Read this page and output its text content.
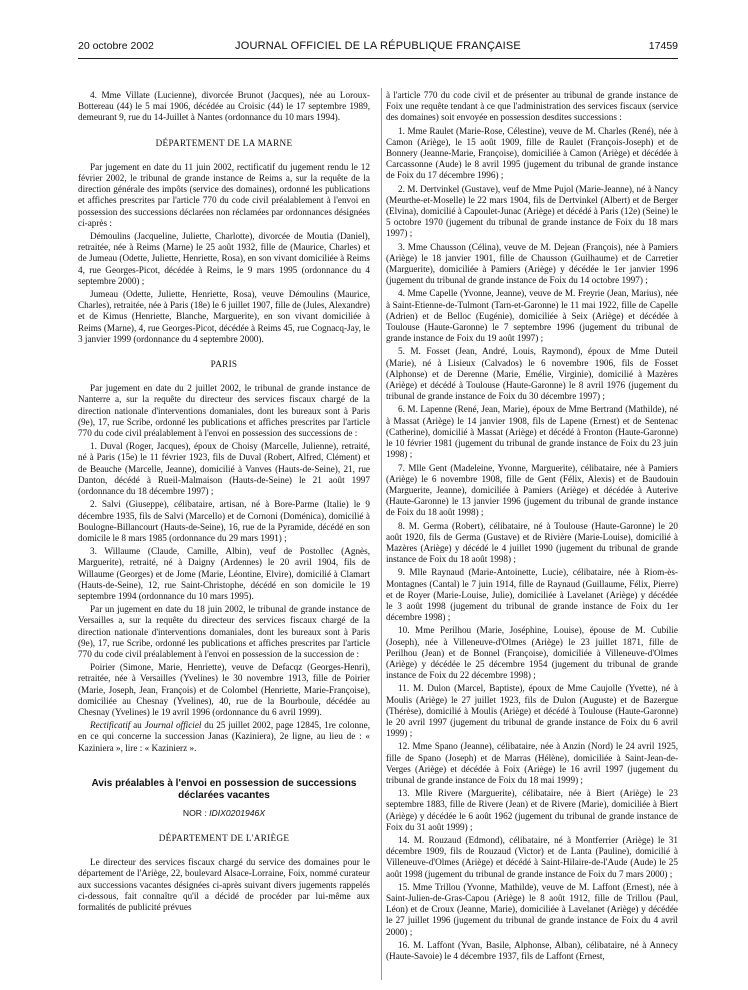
20 octobre 2002	JOURNAL OFFICIEL DE LA RÉPUBLIQUE FRANÇAISE	17459

4. Mme Villate (Lucienne), divorcée Brunot (Jacques), née au Loroux-Bottereau (44) le 5 mai 1906, décédée au Croisic (44) le 17 septembre 1989, demeurant 9, rue du 14-Juillet à Nantes (ordonnance du 10 mars 1994).

DÉPARTEMENT DE LA MARNE

Par jugement en date du 11 juin 2002, rectificatif du jugement rendu le 12 février 2002, le tribunal de grande instance de Reims a, sur la requête de la direction générale des impôts (service des domaines), ordonné les publications et affiches prescrites par l'article 770 du code civil préalablement à l'envoi en possession des successions déclarées non réclamées par ordonnances désignées ci-après :

Démoulins (Jacqueline, Juliette, Charlotte), divorcée de Moutia (Daniel), retraitée, née à Reims (Marne) le 25 août 1932, fille de (Maurice, Charles) et de Jumeau (Odette, Juliette, Henriette, Rosa), en son vivant domiciliée à Reims 4, rue Georges-Picot, décédée à Reims, le 9 mars 1995 (ordonnance du 4 septembre 2000) ;

Jumeau (Odette, Juliette, Henriette, Rosa), veuve Démoulins (Maurice, Charles), retraitée, née à Paris (18e) le 6 juillet 1907, fille de (Jules, Alexandre) et de Kimus (Henriette, Blanche, Marguerite), en son vivant domiciliée à Reims (Marne), 4, rue Georges-Picot, décédée à Reims 45, rue Cognacq-Jay, le 3 janvier 1999 (ordonnance du 4 septembre 2000).

PARIS

Par jugement en date du 2 juillet 2002, le tribunal de grande instance de Nanterre a, sur la requête du directeur des services fiscaux chargé de la direction nationale d'interventions domaniales, dont les bureaux sont à Paris (9e), 17, rue Scribe, ordonné les publications et affiches prescrites par l'article 770 du code civil préalablement à l'envoi en possession des successions de :

1. Duval (Roger, Jacques), époux de Choisy (Marcelle, Julienne), retraité, né à Paris (15e) le 11 février 1923, fils de Duval (Robert, Alfred, Clément) et de Beauche (Marcelle, Jeanne), domicilié à Vanves (Hauts-de-Seine), 21, rue Danton, décédé à Rueil-Malmaison (Hauts-de-Seine) le 21 août 1997 (ordonnance du 18 décembre 1997) ;

2. Salvi (Giuseppe), célibataire, artisan, né à Bore-Parme (Italie) le 9 décembre 1935, fils de Salvi (Marcello) et de Cornoni (Doménica), domicilié à Boulogne-Billancourt (Hauts-de-Seine), 16, rue de la Pyramide, décédé en son domicile le 8 mars 1985 (ordonnance du 29 mars 1991) ;

3. Willaume (Claude, Camille, Albin), veuf de Postollec (Agnès, Marguerite), retraité, né à Daigny (Ardennes) le 20 avril 1904, fils de Willaume (Georges) et de Jome (Marie, Léontine, Elvire), domicilié à Clamart (Hauts-de-Seine), 12, rue Saint-Christophe, décédé en son domicile le 19 septembre 1994 (ordonnance du 10 mars 1995).

Par un jugement en date du 18 juin 2002, le tribunal de grande instance de Versailles a, sur la requête du directeur des services fiscaux chargé de la direction nationale d'interventions domaniales, dont les bureaux sont à Paris (9e), 17, rue Scribe, ordonné les publications et affiches prescrites par l'article 770 du code civil préalablement à l'envoi en possession de la succession de :

Poirier (Simone, Marie, Henriette), veuve de Defacqz (Georges-Henri), retraitée, née à Versailles (Yvelines) le 30 novembre 1913, fille de Poirier (Marie, Joseph, Jean, François) et de Colombel (Henriette, Marie-Françoise), domiciliée au Chesnay (Yvelines), 40, rue de la Bourboule, décédée au Chesnay (Yvelines) le 19 avril 1996 (ordonnance du 6 avril 1999).

Rectificatif au Journal officiel du 25 juillet 2002, page 12845, 1re colonne, en ce qui concerne la succession Janas (Kaziniera), 2e ligne, au lieu de : « Kaziniera », lire : « Kazinierz ».

Avis préalables à l'envoi en possession de successions déclarées vacantes
NOR : IDIX0201946X
DÉPARTEMENT DE L'ARIÈGE

Le directeur des services fiscaux chargé du service des domaines pour le département de l'Ariège, 22, boulevard Alsace-Lorraine, Foix, nommé curateur aux successions vacantes désignées ci-après suivant divers jugements rappelés ci-dessous, fait connaître qu'il a décidé de procéder par lui-même aux formalités de publicité prévues

à l'article 770 du code civil et de présenter au tribunal de grande instance de Foix une requête tendant à ce que l'administration des services fiscaux (service des domaines) soit envoyée en possession desdites successions :

1. Mme Raulet (Marie-Rose, Célestine), veuve de M. Charles (René), née à Camon (Ariège), le 15 août 1909, fille de Raulet (François-Joseph) et de Bonnery (Jeanne-Marie, Françoise), domiciliée à Camon (Ariège) et décédée à Carcassonne (Aude) le 8 avril 1995 (jugement du tribunal de grande instance de Foix du 17 décembre 1996) ;

2. M. Dertvinkel (Gustave), veuf de Mme Pujol (Marie-Jeanne), né à Nancy (Meurthe-et-Moselle) le 22 mars 1904, fils de Dertvinkel (Albert) et de Berger (Elvina), domicilié à Capoulet-Junac (Ariège) et décédé à Paris (12e) (Seine) le 5 octobre 1970 (jugement du tribunal de grande instance de Foix du 18 mars 1997) ;

3. Mme Chausson (Célina), veuve de M. Dejean (François), née à Pamiers (Ariège) le 18 janvier 1901, fille de Chausson (Guilhaume) et de Carretier (Marguerite), domiciliée à Pamiers (Ariège) y décédée le 1er janvier 1996 (jugement du tribunal de grande instance de Foix du 14 octobre 1997) ;

4. Mme Capelle (Yvonne, Jeanne), veuve de M. Freyrie (Jean, Marius), née à Saint-Etienne-de-Tulmont (Tarn-et-Garonne) le 11 mai 1922, fille de Capelle (Adrien) et de Belloc (Eugénie), domiciliée à Seix (Ariège) et décédée à Toulouse (Haute-Garonne) le 7 septembre 1996 (jugement du tribunal de grande instance de Foix du 19 août 1997) ;

5. M. Fosset (Jean, André, Louis, Raymond), époux de Mme Duteil (Marie), né à Lisieux (Calvados) le 6 novembre 1906, fils de Fosset (Alphonse) et de Derenne (Marie, Emélie, Virginie), domicilié à Mazères (Ariège) et décédé à Toulouse (Haute-Garonne) le 8 avril 1976 (jugement du tribunal de grande instance de Foix du 30 décembre 1997) ;

6. M. Lapenne (René, Jean, Marie), époux de Mme Bertrand (Mathilde), né à Massat (Ariège) le 14 janvier 1908, fils de Lapene (Ernest) et de Sentenac (Catherine), domicilié à Massat (Ariège) et décédé à Fronton (Haute-Garonne) le 10 février 1981 (jugement du tribunal de grande instance de Foix du 23 juin 1998) ;

7. Mlle Gent (Madeleine, Yvonne, Marguerite), célibataire, née à Pamiers (Ariège) le 6 novembre 1908, fille de Gent (Félix, Alexis) et de Baudouin (Marguerite, Jeanne), domiciliée à Pamiers (Ariège) et décédée à Auterive (Haute-Garonne) le 13 janvier 1996 (jugement du tribunal de grande instance de Foix du 18 août 1998) ;

8. M. Germa (Robert), célibataire, né à Toulouse (Haute-Garonne) le 20 août 1920, fils de Germa (Gustave) et de Rivière (Marie-Louise), domicilié à Mazères (Ariège) y décédé le 4 juillet 1990 (jugement du tribunal de grande instance de Foix du 18 août 1998) ;

9. Mlle Raynaud (Marie-Antoinette, Lucie), célibataire, née à Riom-ès-Montagnes (Cantal) le 7 juin 1914, fille de Raynaud (Guillaume, Félix, Pierre) et de Royer (Marie-Louise, Julie), domiciliée à Lavelanet (Ariège) y décédée le 3 août 1998 (jugement du tribunal de grande instance de Foix du 1er décembre 1998) ;

10. Mme Perilhou (Marie, Joséphine, Louise), épouse de M. Cubilie (Joseph), née à Villeneuve-d'Olmes (Ariège) le 23 juillet 1871, fille de Perilhou (Jean) et de Bonnel (Françoise), domiciliée à Villeneuve-d'Olmes (Ariège) y décédée le 25 décembre 1954 (jugement du tribunal de grande instance de Foix du 22 décembre 1998) ;

11. M. Dulon (Marcel, Baptiste), époux de Mme Caujolle (Yvette), né à Moulis (Ariège) le 27 juillet 1923, fils de Dulon (Auguste) et de Bazergue (Thérèse), domicilié à Moulis (Ariège) et décédé à Toulouse (Haute-Garonne) le 20 avril 1997 (jugement du tribunal de grande instance de Foix du 6 avril 1999) ;

12. Mme Spano (Jeanne), célibataire, née à Anzin (Nord) le 24 avril 1925, fille de Spano (Joseph) et de Marras (Hélène), domiciliée à Saint-Jean-de-Verges (Ariège) et décédée à Foix (Ariège) le 16 avril 1997 (jugement du tribunal de grande instance de Foix du 18 mai 1999) ;

13. Mlle Rivere (Marguerite), célibataire, née à Biert (Ariège) le 23 septembre 1883, fille de Rivere (Jean) et de Rivere (Marie), domiciliée à Biert (Ariège) y décédée le 6 août 1962 (jugement du tribunal de grande instance de Foix du 31 août 1999) ;

14. M. Rouzaud (Edmond), célibataire, né à Montferrier (Ariège) le 31 décembre 1909, fils de Rouzaud (Victor) et de Lanta (Pauline), domicilié à Villeneuve-d'Olmes (Ariège) et décédé à Saint-Hilaire-de-l'Aude (Aude) le 25 août 1998 (jugement du tribunal de grande instance de Foix du 7 mars 2000) ;

15. Mme Trillou (Yvonne, Mathilde), veuve de M. Laffont (Ernest), née à Saint-Julien-de-Gras-Capou (Ariège) le 8 août 1912, fille de Trillou (Paul, Léon) et de Croux (Jeanne, Marie), domiciliée à Lavelanet (Ariège) y décédée le 27 juillet 1996 (jugement du tribunal de grande instance de Foix du 4 avril 2000) ;

16. M. Laffont (Yvan, Basile, Alphonse, Alban), célibataire, né à Annecy (Haute-Savoie) le 4 décembre 1937, fils de Laffont (Ernest,
